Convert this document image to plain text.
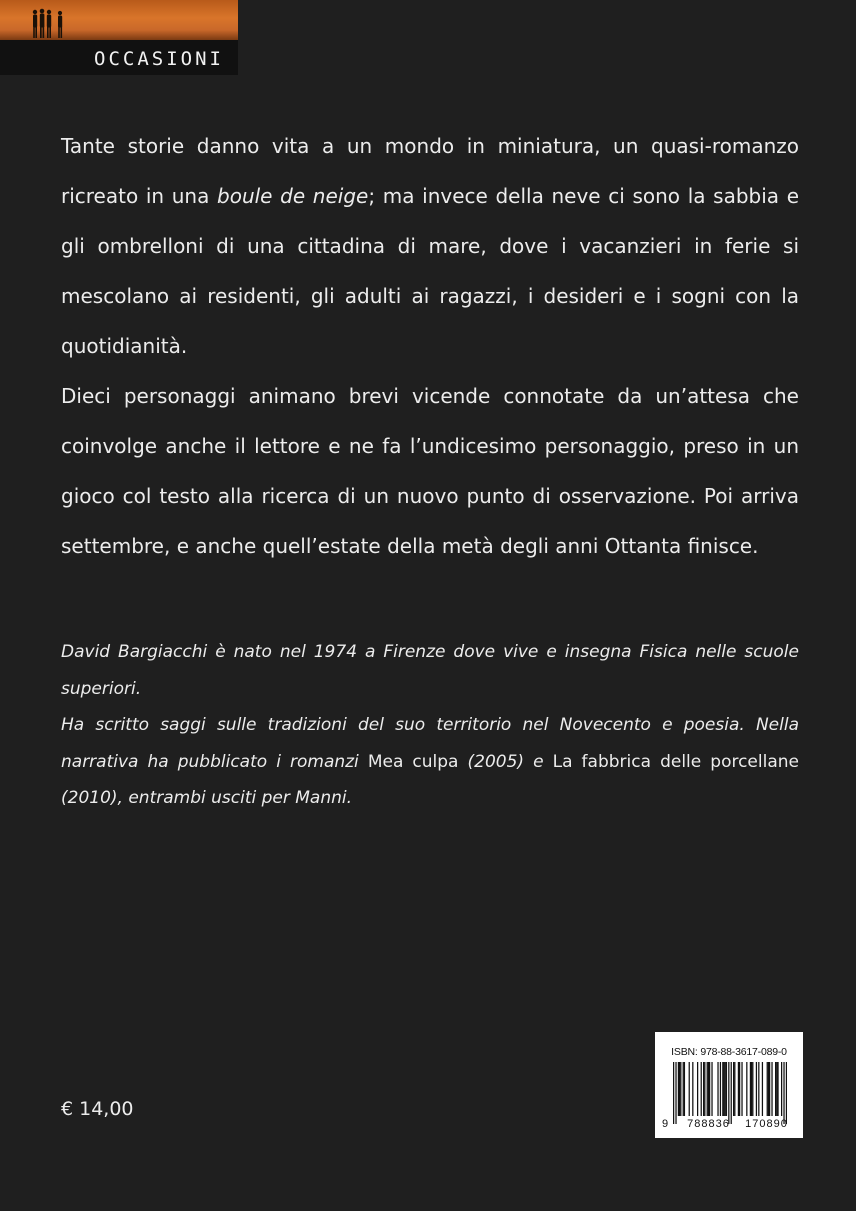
OCCASIONI

Tante storie danno vita a un mondo in miniatura, un quasi-romanzo ricreato in una boule de neige; ma invece della neve ci sono la sabbia e gli ombrelloni di una cittadina di mare, dove i vacanzieri in ferie si mescolano ai residenti, gli adulti ai ragazzi, i desideri e i sogni con la quotidianità.

Dieci personaggi animano brevi vicende connotate da un’attesa che coinvolge anche il lettore e ne fa l’undicesimo personaggio, preso in un gioco col testo alla ricerca di un nuovo punto di osservazione. Poi arriva settembre, e anche quell’estate della metà degli anni Ottanta finisce.

David Bargiacchi è nato nel 1974 a Firenze dove vive e insegna Fisica nelle scuole superiori.

Ha scritto saggi sulle tradizioni del suo territorio nel Novecento e poesia. Nella narrativa ha pubblicato i romanzi Mea culpa (2005) e La fabbrica delle porcellane (2010), entrambi usciti per Manni.

€ 14,00
ISBN: 978-88-3617-089-0
9	788836	170890
